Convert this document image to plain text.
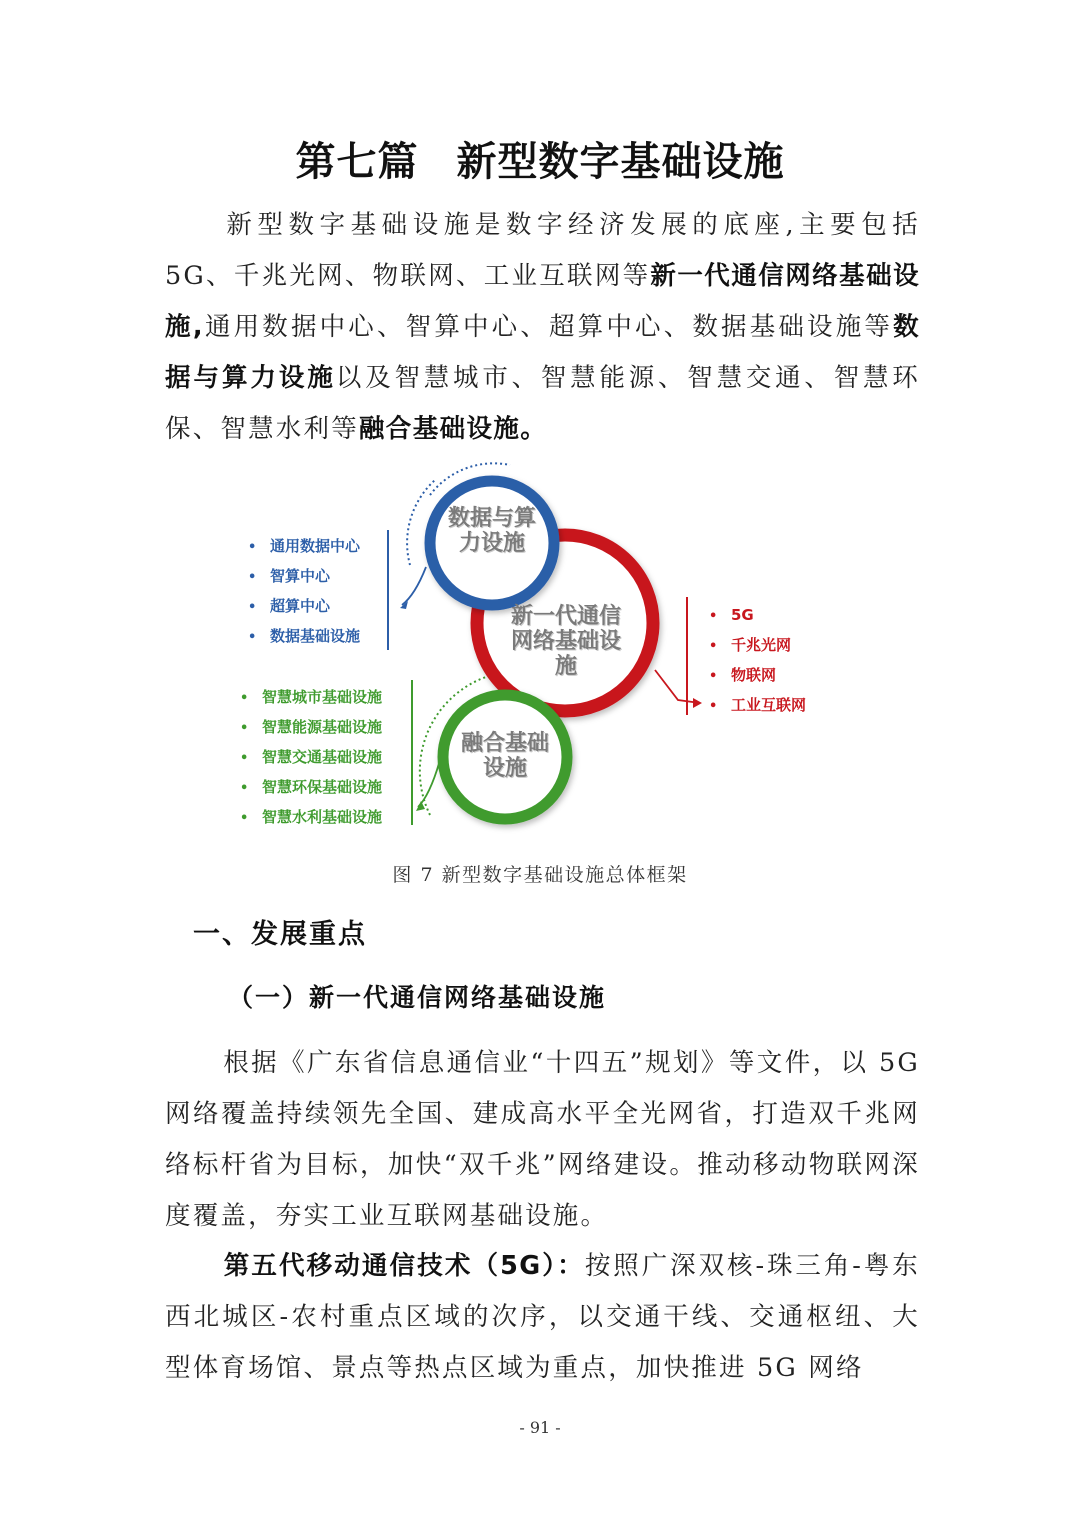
第七篇 新型数字基础设施
新型数字基础设施是数字经济发展的底座,主要包括 5G、千兆光网、物联网、工业互联网等新一代通信网络基础设施,通用数据中心、智算中心、超算中心、数据基础设施等数据与算力设施以及智慧城市、智慧能源、智慧交通、智慧环保、智慧水利等融合基础设施。
数据与算力设施
新一代通信网络基础设施
融合基础设施
• 通用数据中心
• 智算中心
• 超算中心
• 数据基础设施
• 智慧城市基础设施
• 智慧能源基础设施
• 智慧交通基础设施
• 智慧环保基础设施
• 智慧水利基础设施
• 5G
• 千兆光网
• 物联网
• 工业互联网
图 7 新型数字基础设施总体框架
一、发展重点
（一）新一代通信网络基础设施
根据《广东省信息通信业“十四五”规划》等文件，以 5G 网络覆盖持续领先全国、建成高水平全光网省，打造双千兆网络标杆省为目标，加快“双千兆”网络建设。推动移动物联网深度覆盖，夯实工业互联网基础设施。
第五代移动通信技术（5G）：按照广深双核-珠三角-粤东西北城区-农村重点区域的次序，以交通干线、交通枢纽、大型体育场馆、景点等热点区域为重点，加快推进 5G 网络
- 91 -
